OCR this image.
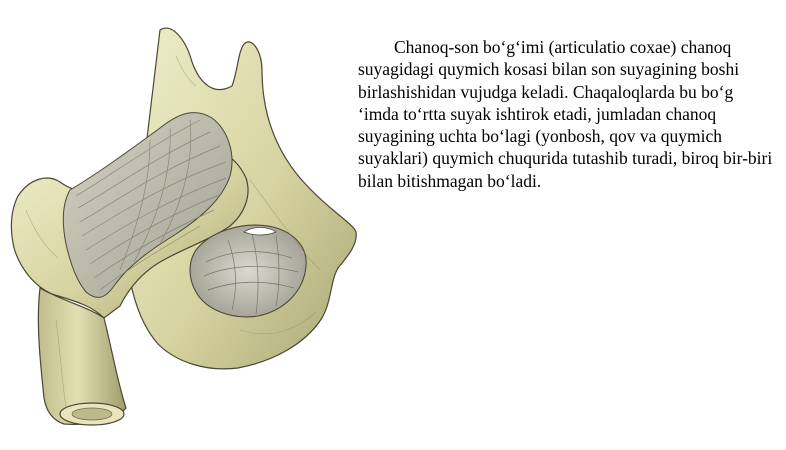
Chanoq-son bo‘g‘imi (articulatio coxae) chanoq suyagidagi quymich kosasi bilan son suyagining boshi birlashishidan vujudga keladi. Chaqaloqlarda bu bo‘g ‘imda to‘rtta suyak ishtirok etadi, jumladan chanoq suyagining uchta bo‘lagi (yonbosh, qov va quymich suyaklari) quymich chuqurida tutashib turadi, biroq bir-biri bilan bitishmagan bo‘ladi.
